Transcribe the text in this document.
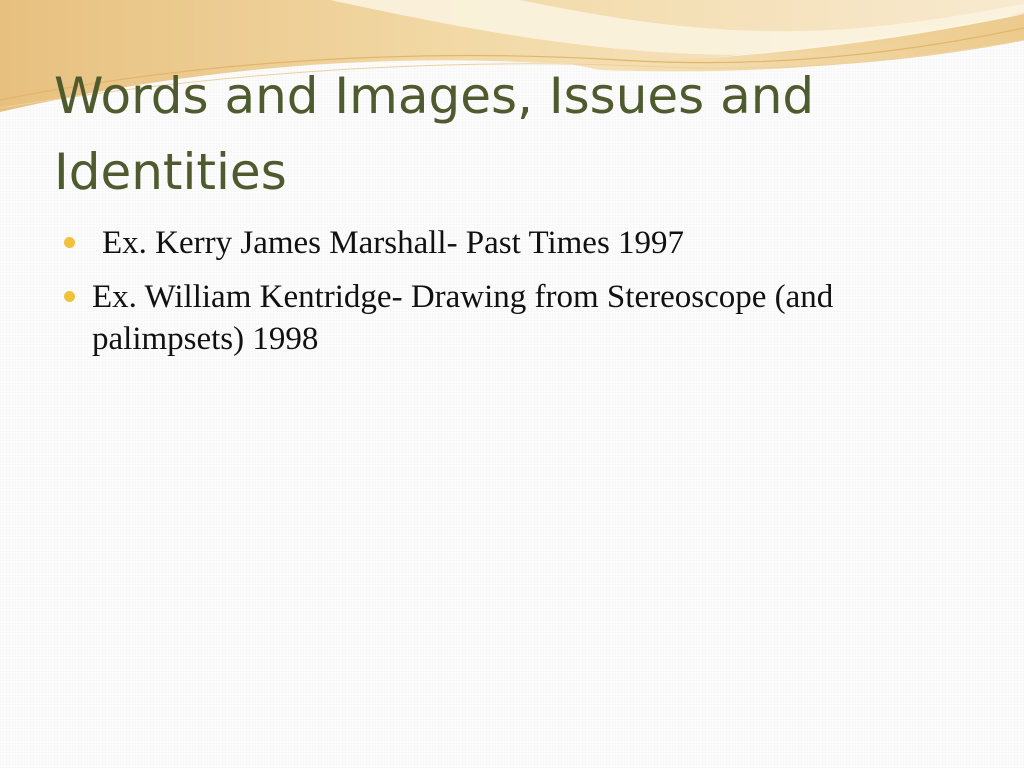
Words and Images, Issues and Identities
Ex. Kerry James Marshall- Past Times 1997
Ex. William Kentridge- Drawing from Stereoscope (and palimpsets) 1998
